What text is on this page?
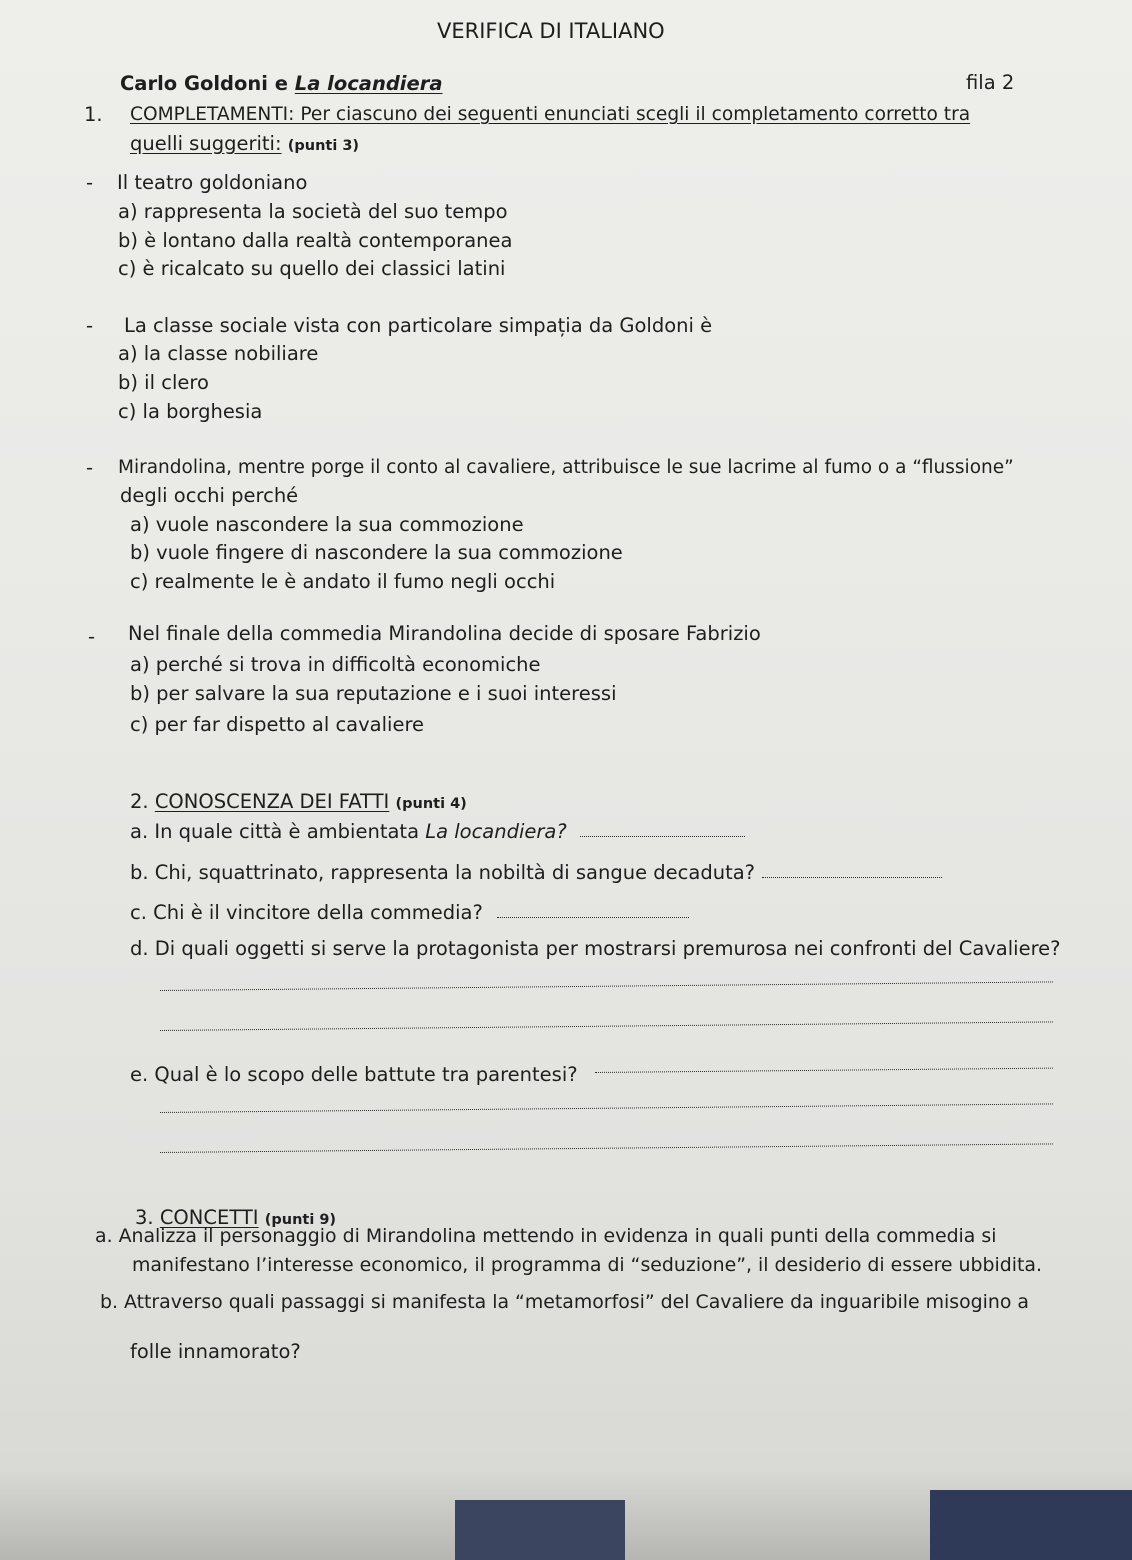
VERIFICA DI ITALIANO
Carlo Goldoni e La locandiera	fila 2
1. COMPLETAMENTI: Per ciascuno dei seguenti enunciati scegli il completamento corretto tra
quelli suggeriti: (punti 3)
- Il teatro goldoniano
a) rappresenta la società del suo tempo
b) è lontano dalla realtà contemporanea
c) è ricalcato su quello dei classici latini
- La classe sociale vista con particolare simpația da Goldoni è
a) la classe nobiliare
b) il clero
c) la borghesia
- Mirandolina, mentre porge il conto al cavaliere, attribuisce le sue lacrime al fumo o a “flussione”
degli occhi perché
a) vuole nascondere la sua commozione
b) vuole fingere di nascondere la sua commozione
c) realmente le è andato il fumo negli occhi
- Nel finale della commedia Mirandolina decide di sposare Fabrizio
a) perché si trova in difficoltà economiche
b) per salvare la sua reputazione e i suoi interessi
c) per far dispetto al cavaliere
2. CONOSCENZA DEI FATTI (punti 4)
a. In quale città è ambientata La locandiera?
b. Chi, squattrinato, rappresenta la nobiltà di sangue decaduta?
c. Chi è il vincitore della commedia?
d. Di quali oggetti si serve la protagonista per mostrarsi premurosa nei confronti del Cavaliere?
e. Qual è lo scopo delle battute tra parentesi?
3. CONCETTI (punti 9)
a. Analizza il personaggio di Mirandolina mettendo in evidenza in quali punti della commedia si
manifestano l’interesse economico, il programma di “seduzione”, il desiderio di essere ubbidita.
b. Attraverso quali passaggi si manifesta la “metamorfosi” del Cavaliere da inguaribile misogino a
folle innamorato?
